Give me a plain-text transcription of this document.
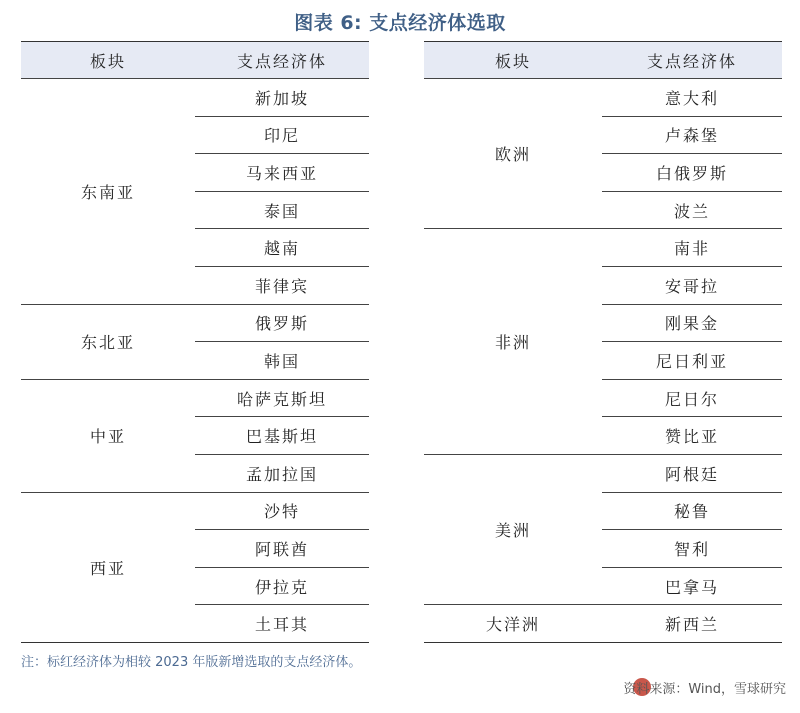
图表 6: 支点经济体选取
板块	支点经济体
东南亚	新加坡
	印尼
	马来西亚
	泰国
	越南
	菲律宾
东北亚	俄罗斯
	韩国
中亚	哈萨克斯坦
	巴基斯坦
	孟加拉国
西亚	沙特
	阿联酋
	伊拉克
	土耳其
板块	支点经济体
欧洲	意大利
	卢森堡
	白俄罗斯
	波兰
非洲	南非
	安哥拉
	刚果金
	尼日利亚
	尼日尔
	赞比亚
美洲	阿根廷
	秘鲁
	智利
	巴拿马
大洋洲	新西兰
注：标红经济体为相较 2023 年版新增选取的支点经济体。
资料来源：Wind，雪球研究
